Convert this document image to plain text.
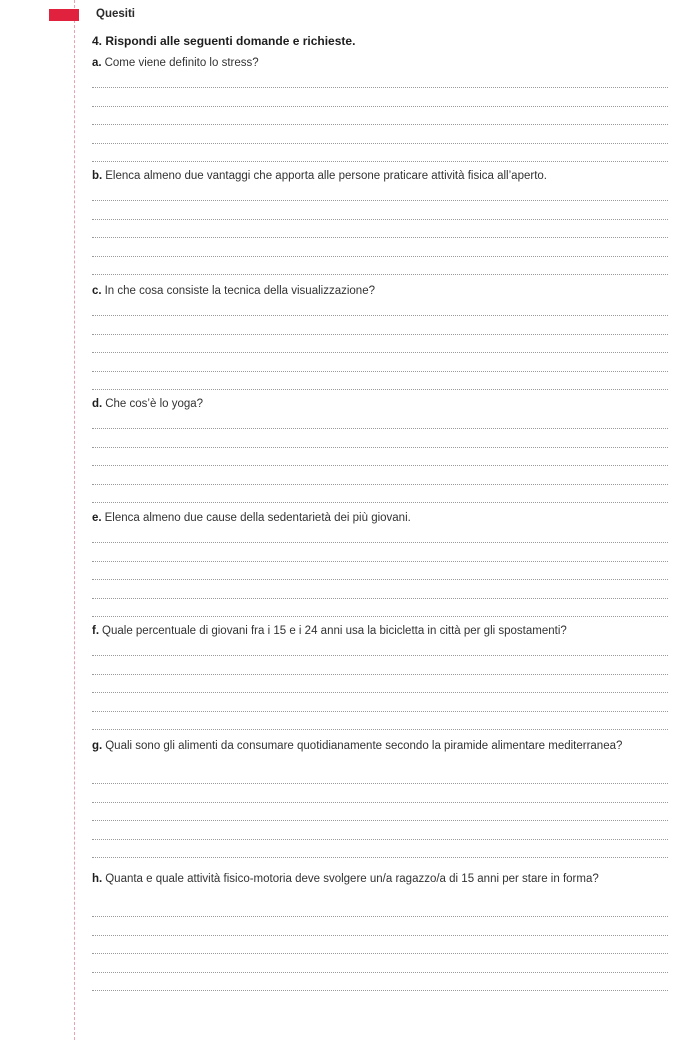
Quesiti
4. Rispondi alle seguenti domande e richieste.
a. Come viene definito lo stress?
b. Elenca almeno due vantaggi che apporta alle persone praticare attività fisica all’aperto.
c. In che cosa consiste la tecnica della visualizzazione?
d. Che cos’è lo yoga?
e. Elenca almeno due cause della sedentarietà dei più giovani.
f. Quale percentuale di giovani fra i 15 e i 24 anni usa la bicicletta in città per gli spostamenti?
g. Quali sono gli alimenti da consumare quotidianamente secondo la piramide alimentare mediterranea?
h. Quanta e quale attività fisico-motoria deve svolgere un/a ragazzo/a di 15 anni per stare in forma?
